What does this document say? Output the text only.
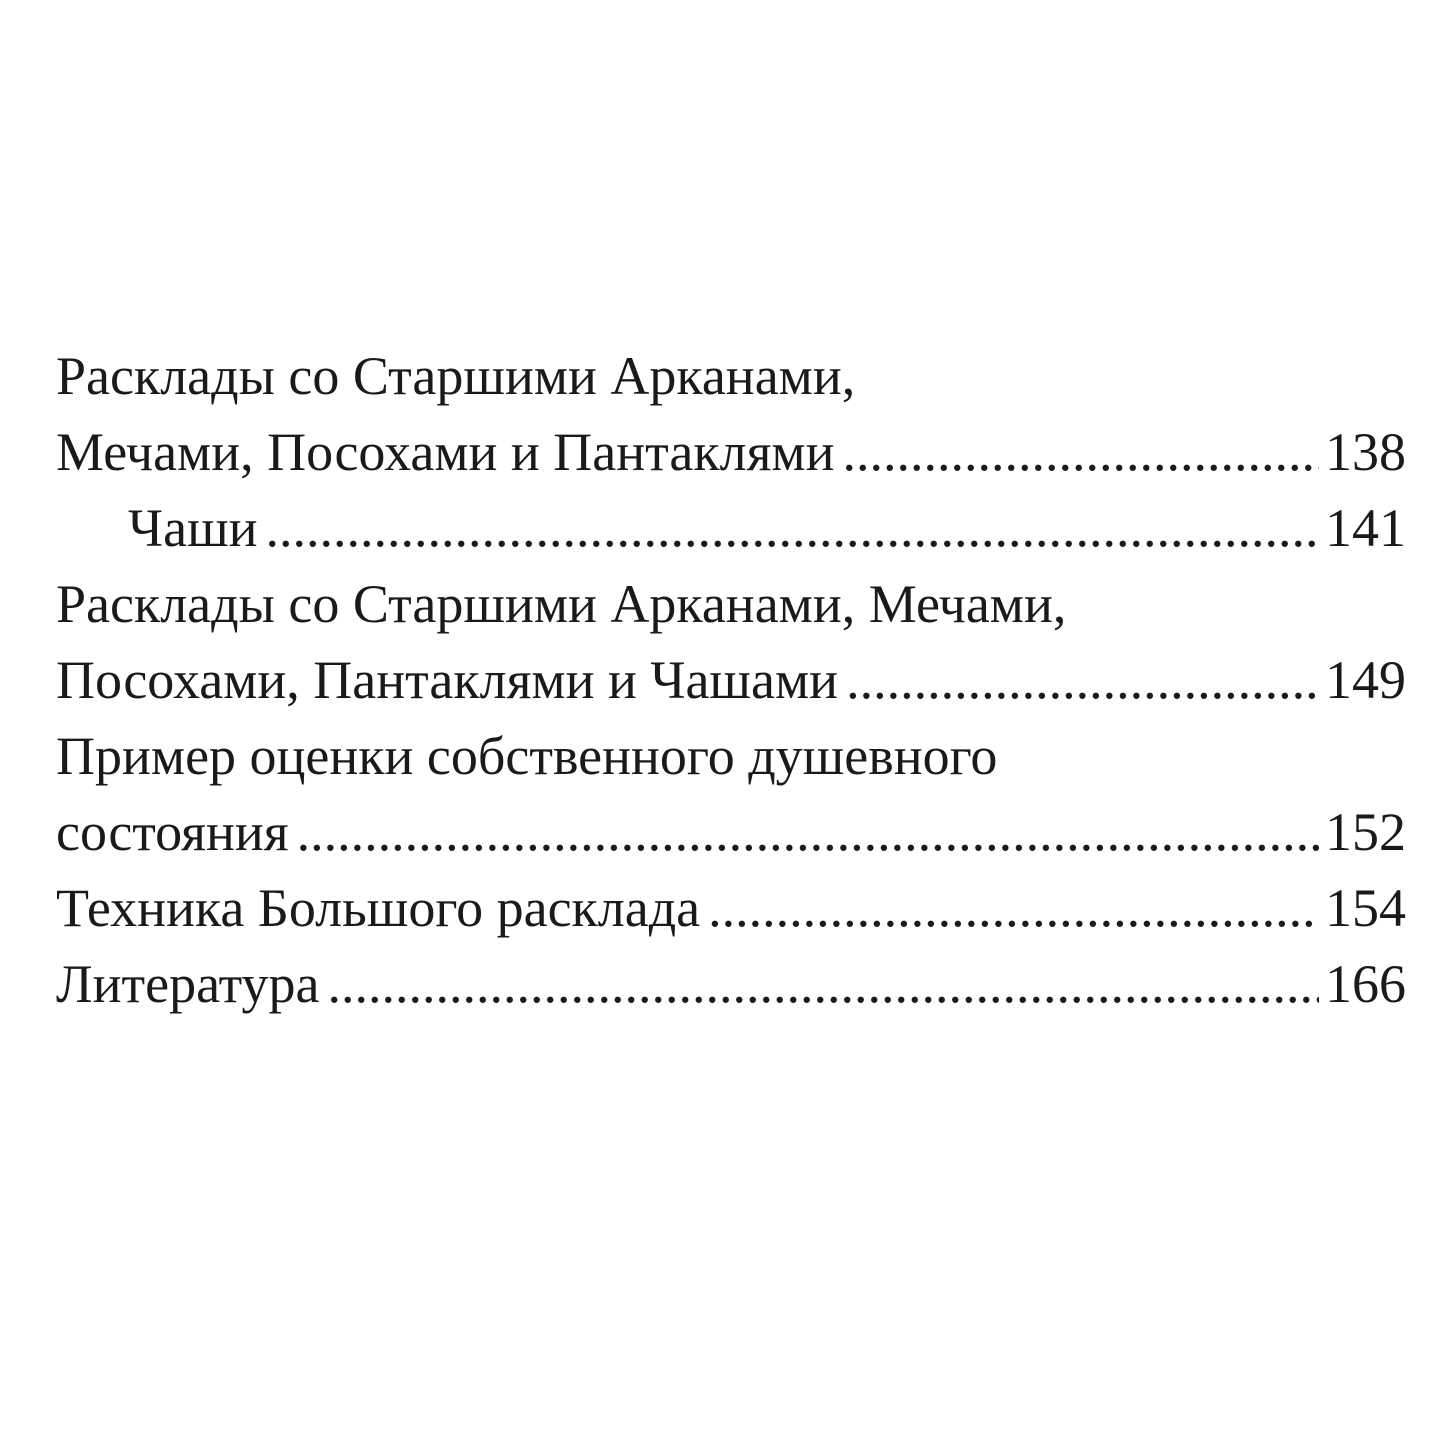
Расклады со Старшими Арканами,
Мечами, Посохами и Пантаклями .....	138
Чаши .....	141
Расклады со Старшими Арканами, Мечами,
Посохами, Пантаклями и Чашами .....	149
Пример оценки собственного душевного
состояния .....	152
Техника Большого расклада .....	154
Литература .....	166
